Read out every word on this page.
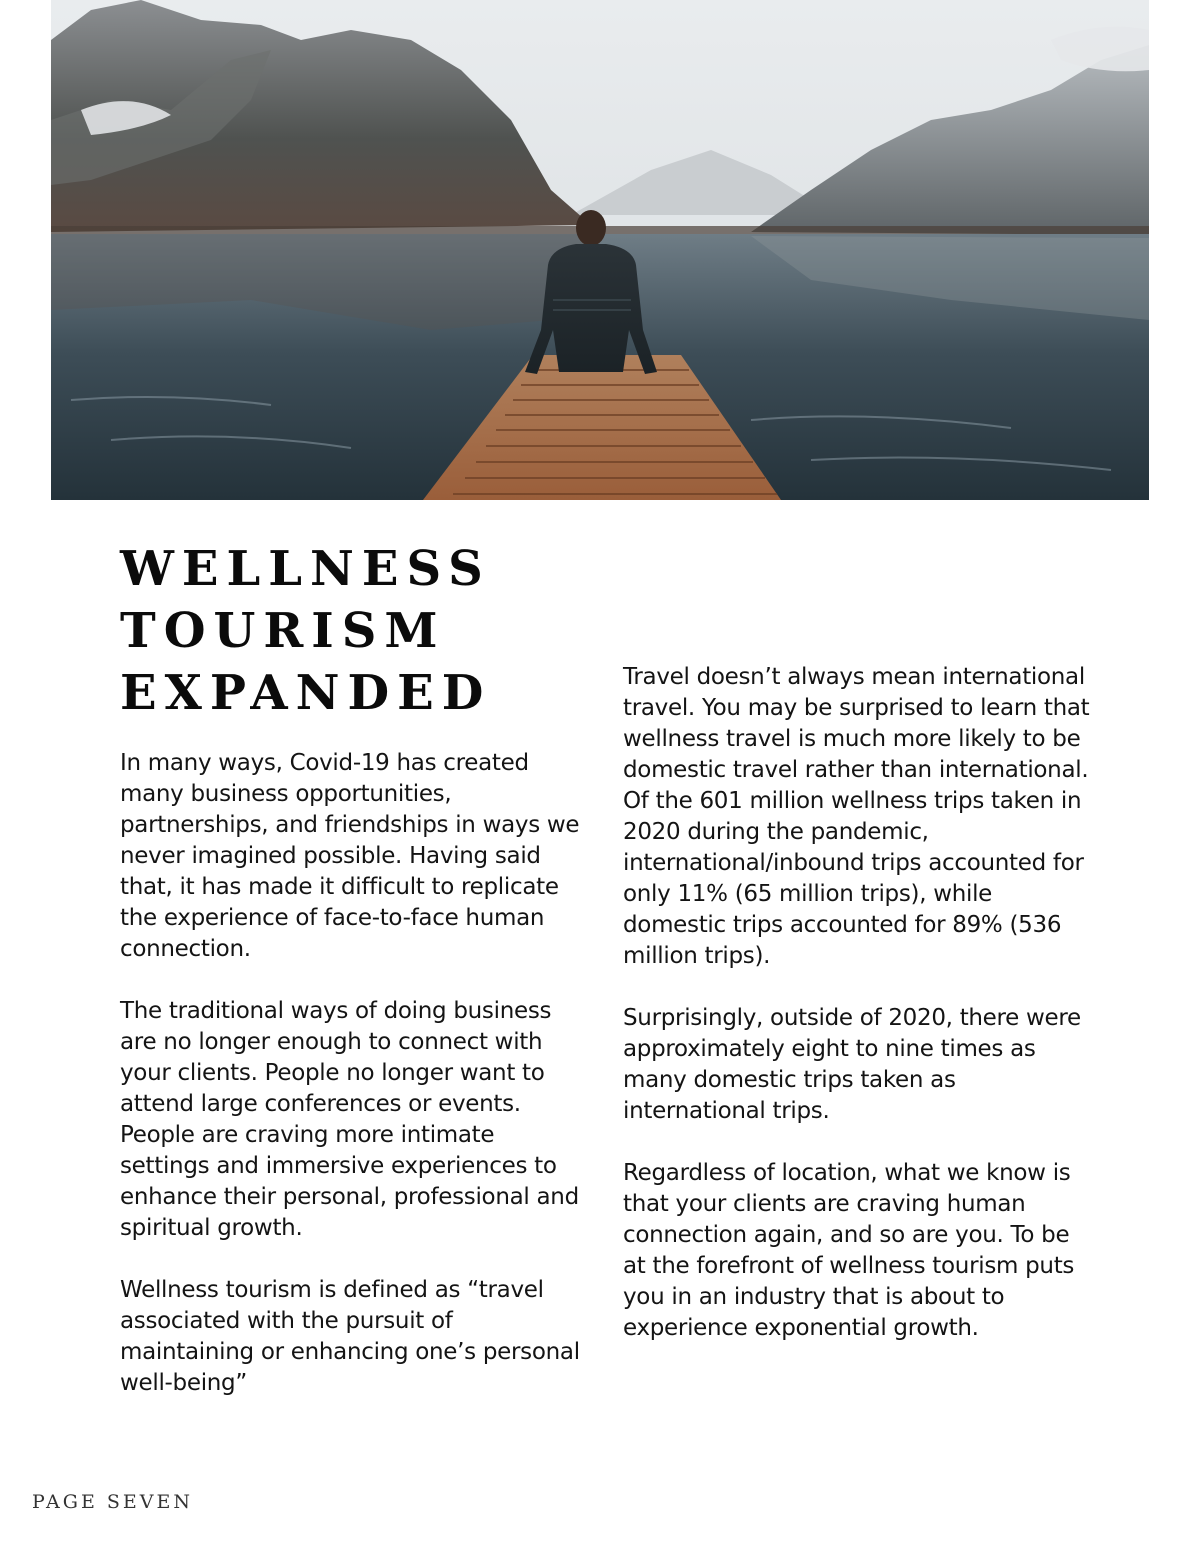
WELLNESS
TOURISM
EXPANDED

In many ways, Covid-19 has created many business opportunities, partnerships, and friendships in ways we never imagined possible. Having said that, it has made it difficult to replicate the experience of face-to-face human connection.

The traditional ways of doing business are no longer enough to connect with your clients. People no longer want to attend large conferences or events. People are craving more intimate settings and immersive experiences to enhance their personal, professional and spiritual growth.

Wellness tourism is defined as “travel associated with the pursuit of maintaining or enhancing one’s personal well-being”

Travel doesn’t always mean international travel. You may be surprised to learn that wellness travel is much more likely to be domestic travel rather than international. Of the 601 million wellness trips taken in 2020 during the pandemic, international/inbound trips accounted for only 11% (65 million trips), while domestic trips accounted for 89% (536 million trips).

Surprisingly, outside of 2020, there were approximately eight to nine times as many domestic trips taken as international trips.

Regardless of location, what we know is that your clients are craving human connection again, and so are you. To be at the forefront of wellness tourism puts you in an industry that is about to experience exponential growth.

PAGE SEVEN
